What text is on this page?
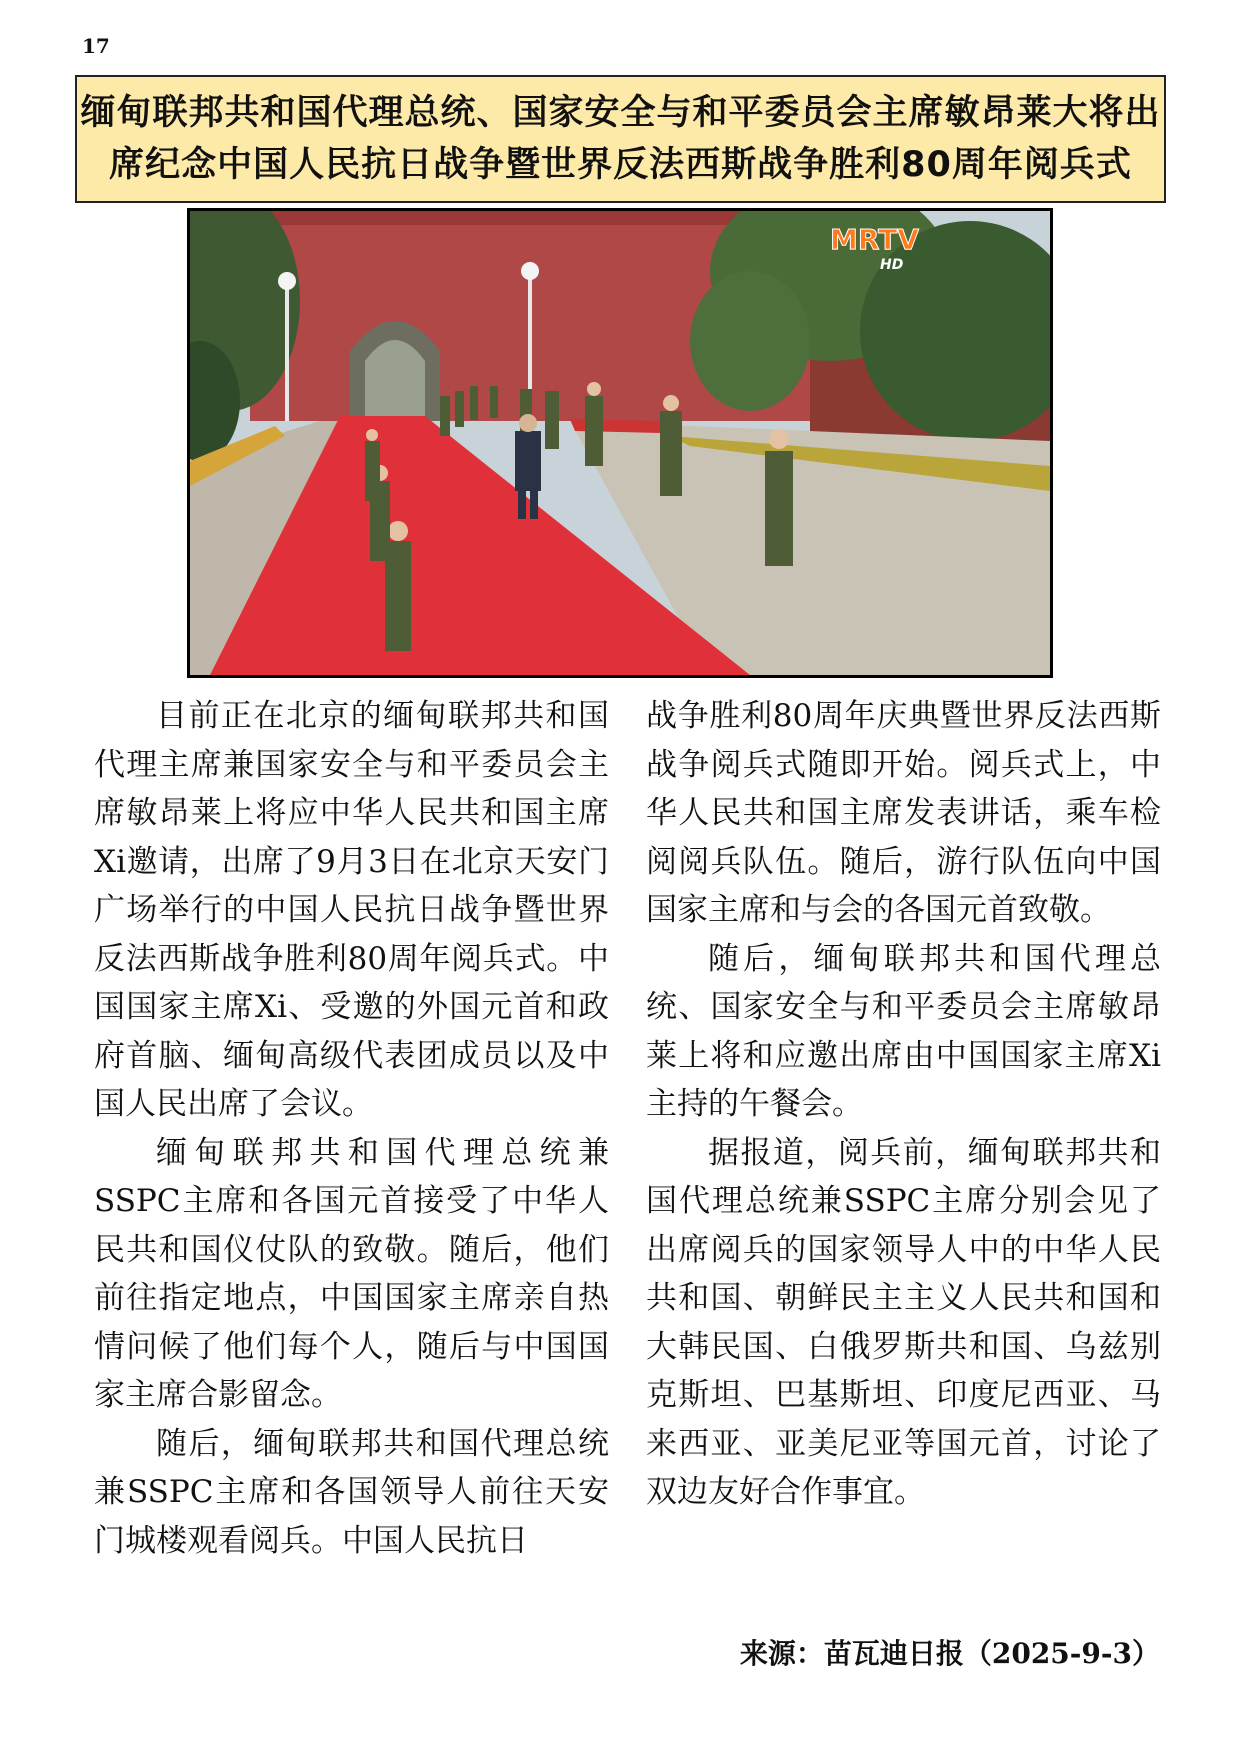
17
缅甸联邦共和国代理总统、国家安全与和平委员会主席敏昂莱大将出席纪念中国人民抗日战争暨世界反法西斯战争胜利80周年阅兵式
MRTV
HD

目前正在北京的缅甸联邦共和国代理主席兼国家安全与和平委员会主席敏昂莱上将应中华人民共和国主席Xi邀请，出席了9月3日在北京天安门广场举行的中国人民抗日战争暨世界反法西斯战争胜利80周年阅兵式。中国国家主席Xi、受邀的外国元首和政府首脑、缅甸高级代表团成员以及中国人民出席了会议。

缅甸联邦共和国代理总统兼SSPC主席和各国元首接受了中华人民共和国仪仗队的致敬。随后，他们前往指定地点，中国国家主席亲自热情问候了他们每个人，随后与中国国家主席合影留念。

随后，缅甸联邦共和国代理总统兼SSPC主席和各国领导人前往天安门城楼观看阅兵。中国人民抗日

战争胜利80周年庆典暨世界反法西斯战争阅兵式随即开始。阅兵式上，中华人民共和国主席发表讲话，乘车检阅阅兵队伍。随后，游行队伍向中国国家主席和与会的各国元首致敬。

随后，缅甸联邦共和国代理总统、国家安全与和平委员会主席敏昂莱上将和应邀出席由中国国家主席Xi主持的午餐会。

据报道，阅兵前，缅甸联邦共和国代理总统兼SSPC主席分别会见了出席阅兵的国家领导人中的中华人民共和国、朝鲜民主主义人民共和国和大韩民国、白俄罗斯共和国、乌兹别克斯坦、巴基斯坦、印度尼西亚、马来西亚、亚美尼亚等国元首，讨论了双边友好合作事宜。

来源：苗瓦迪日报（2025-9-3）
